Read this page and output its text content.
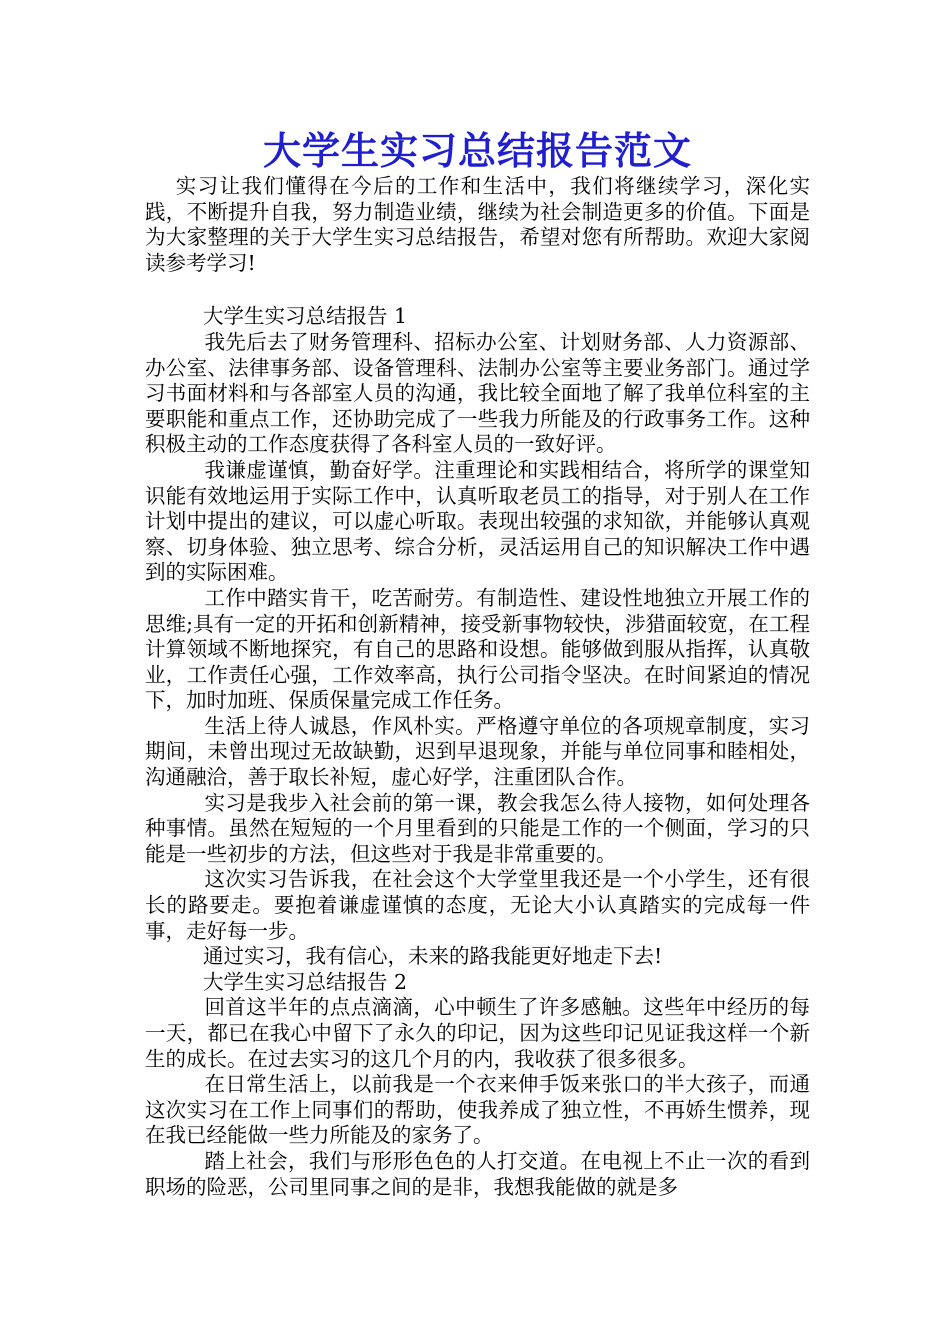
大学生实习总结报告范文

实习让我们懂得在今后的工作和生活中，我们将继续学习，深化实践，不断提升自我，努力制造业绩，继续为社会制造更多的价值。下面是为大家整理的关于大学生实习总结报告，希望对您有所帮助。欢迎大家阅读参考学习!

大学生实习总结报告 1

我先后去了财务管理科、招标办公室、计划财务部、人力资源部、办公室、法律事务部、设备管理科、法制办公室等主要业务部门。通过学习书面材料和与各部室人员的沟通，我比较全面地了解了我单位科室的主要职能和重点工作，还协助完成了一些我力所能及的行政事务工作。这种积极主动的工作态度获得了各科室人员的一致好评。

我谦虚谨慎，勤奋好学。注重理论和实践相结合，将所学的课堂知识能有效地运用于实际工作中，认真听取老员工的指导，对于别人在工作计划中提出的建议，可以虚心听取。表现出较强的求知欲，并能够认真观察、切身体验、独立思考、综合分析，灵活运用自己的知识解决工作中遇到的实际困难。

工作中踏实肯干，吃苦耐劳。有制造性、建设性地独立开展工作的思维;具有一定的开拓和创新精神，接受新事物较快，涉猎面较宽，在工程计算领域不断地探究，有自己的思路和设想。能够做到服从指挥，认真敬业，工作责任心强，工作效率高，执行公司指令坚决。在时间紧迫的情况下，加时加班、保质保量完成工作任务。

生活上待人诚恳，作风朴实。严格遵守单位的各项规章制度，实习期间，未曾出现过无故缺勤，迟到早退现象，并能与单位同事和睦相处，沟通融洽，善于取长补短，虚心好学，注重团队合作。

实习是我步入社会前的第一课，教会我怎么待人接物，如何处理各种事情。虽然在短短的一个月里看到的只能是工作的一个侧面，学习的只能是一些初步的方法，但这些对于我是非常重要的。

这次实习告诉我，在社会这个大学堂里我还是一个小学生，还有很长的路要走。要抱着谦虚谨慎的态度，无论大小认真踏实的完成每一件事，走好每一步。

通过实习，我有信心，未来的路我能更好地走下去!

大学生实习总结报告 2

回首这半年的点点滴滴，心中顿生了许多感触。这些年中经历的每一天，都已在我心中留下了永久的印记，因为这些印记见证我这样一个新生的成长。在过去实习的这几个月的内，我收获了很多很多。

在日常生活上，以前我是一个衣来伸手饭来张口的半大孩子，而通这次实习在工作上同事们的帮助，使我养成了独立性，不再娇生惯养，现在我已经能做一些力所能及的家务了。

踏上社会，我们与形形色色的人打交道。在电视上不止一次的看到职场的险恶，公司里同事之间的是非，我想我能做的就是多
